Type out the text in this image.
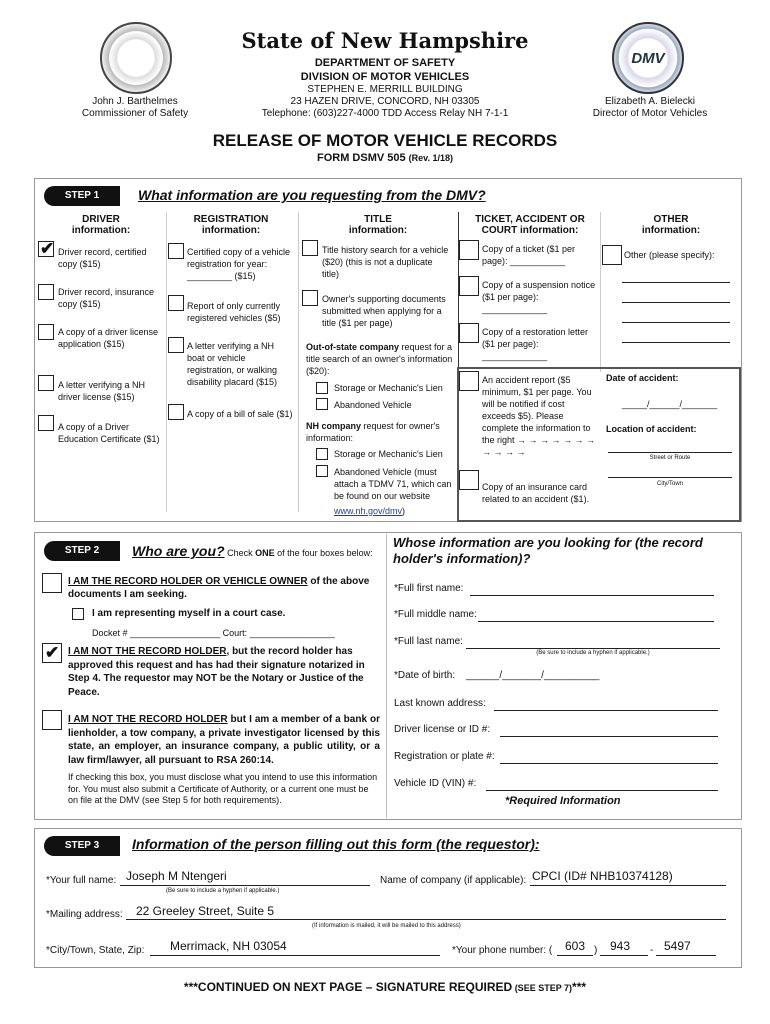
DMV
State of New Hampshire
DEPARTMENT OF SAFETY
DIVISION OF MOTOR VEHICLES
STEPHEN E. MERRILL BUILDING
23 HAZEN DRIVE, CONCORD, NH 03305
Telephone: (603)227-4000 TDD Access Relay NH 7-1-1
John J. Barthelmes
Commissioner of Safety
Elizabeth A. Bielecki
Director of Motor Vehicles
RELEASE OF MOTOR VEHICLE RECORDS
FORM DSMV 505 (Rev. 1/18)
STEP 1	What information are you requesting from the DMV?
DRIVER
information:
REGISTRATION
information:
TITLE
information:
TICKET, ACCIDENT OR
COURT information:
OTHER
information:
✔ Driver record, certified copy ($15)
Driver record, insurance copy ($15)
A copy of a driver license application ($15)
A letter verifying a NH driver license ($15)
A copy of a Driver Education Certificate ($1)
Certified copy of a vehicle registration for year: _________ ($15)
Report of only currently registered vehicles ($5)
A letter verifying a NH boat or vehicle registration, or walking disability placard ($15)
A copy of a bill of sale ($1)
Title history search for a vehicle ($20) (this is not a duplicate title)
Owner's supporting documents submitted when applying for a title ($1 per page)
Out-of-state company request for a title search of an owner's information ($20):
Storage or Mechanic's Lien
Abandoned Vehicle
NH company request for owner's information:
Storage or Mechanic's Lien
Abandoned Vehicle (must attach a TDMV 71, which can be found on our website
www.nh.gov/dmv)
Copy of a ticket ($1 per page): ___________
Copy of a suspension notice ($1 per page): _____________
Copy of a restoration letter ($1 per page): _____________
An accident report ($5 minimum, $1 per page. You will be notified if cost exceeds $5). Please complete the information to the right → → → → → → → → → → →
Copy of an insurance card related to an accident ($1).
Other (please specify):
Date of accident:
_____/______/_______
Location of accident:
Street or Route
City/Town
STEP 2	Who are you? Check ONE of the four boxes below:
I AM THE RECORD HOLDER OR VEHICLE OWNER of the above documents I am seeking.
I am representing myself in a court case.
Docket # __________________ Court: _________________
✔ I AM NOT THE RECORD HOLDER, but the record holder has approved this request and has had their signature notarized in Step 4. The requestor may NOT be the Notary or Justice of the Peace.
I AM NOT THE RECORD HOLDER but I am a member of a bank or lienholder, a tow company, a private investigator licensed by this state, an employer, an insurance company, a public utility, or a law firm/lawyer, all pursuant to RSA 260:14.
If checking this box, you must disclose what you intend to use this information for. You must also submit a Certificate of Authority, or a current one must be on file at the DMV (see Step 5 for both requirements).
Whose information are you looking for (the record holder's information)?
*Full first name:
*Full middle name:
*Full last name:
(Be sure to include a hyphen if applicable.)
*Date of birth: ______/_______/__________
Last known address:
Driver license or ID #:
Registration or plate #:
Vehicle ID (VIN) #:
*Required Information
STEP 3	Information of the person filling out this form (the requestor):
*Your full name: Joseph M Ntengeri
(Be sure to include a hyphen if applicable.)
Name of company (if applicable): CPCI (ID# NHB10374128)
*Mailing address: 22 Greeley Street, Suite 5
(If information is mailed, it will be mailed to this address)
*City/Town, State, Zip: Merrimack, NH 03054	*Your phone number: ( 603 ) 943 - 5497
***CONTINUED ON NEXT PAGE – SIGNATURE REQUIRED (SEE STEP 7)***
